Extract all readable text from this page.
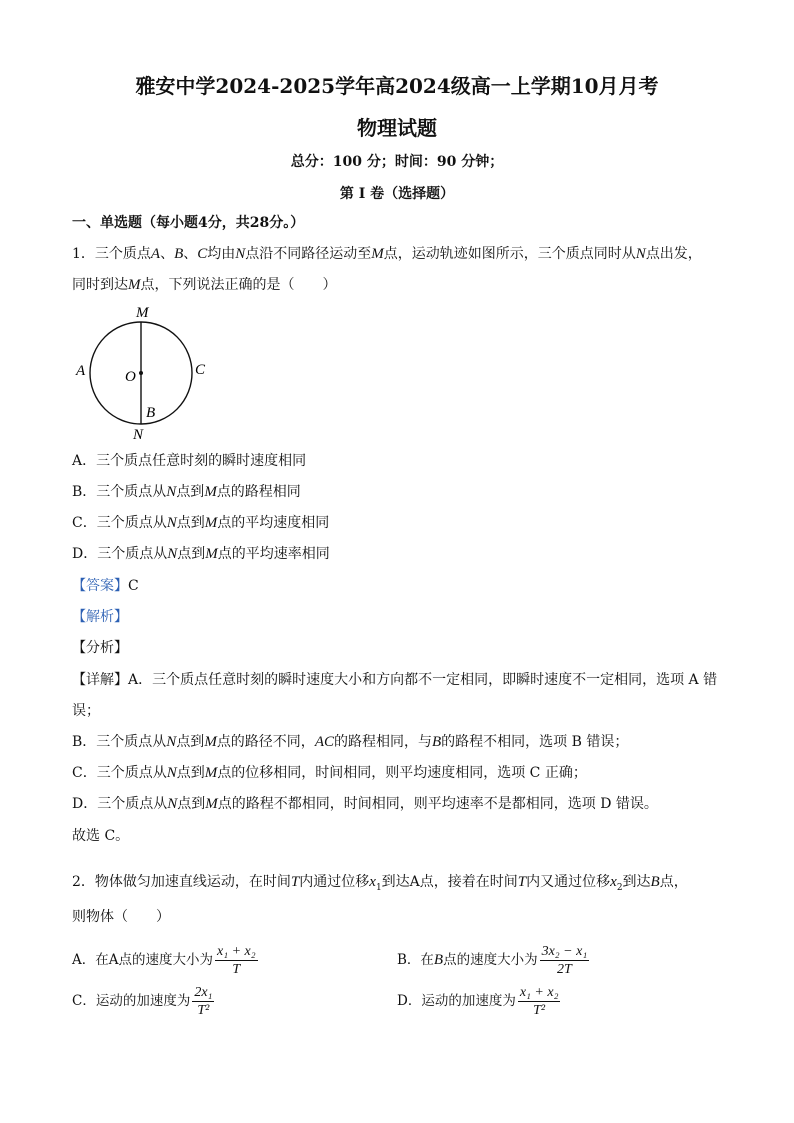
雅安中学2024-2025学年高2024级高一上学期10月月考
物理试题
总分：100 分；时间：90 分钟；
第 I 卷（选择题）
一、单选题（每小题4分，共28分。）
1．三个质点A、B、C均由N点沿不同路径运动至M点，运动轨迹如图所示，三个质点同时从N点出发，
同时到达M点，下列说法正确的是（　　）
M
A	O	C
B
N
A．三个质点任意时刻的瞬时速度相同
B．三个质点从N点到M点的路程相同
C．三个质点从N点到M点的平均速度相同
D．三个质点从N点到M点的平均速率相同
【答案】C
【解析】
【分析】
【详解】A．三个质点任意时刻的瞬时速度大小和方向都不一定相同，即瞬时速度不一定相同，选项 A 错
误；
B．三个质点从N点到M点的路径不同，AC的路程相同，与B的路程不相同，选项 B 错误；
C．三个质点从N点到M点的位移相同，时间相同，则平均速度相同，选项 C 正确；
D．三个质点从N点到M点的路程不都相同，时间相同，则平均速率不是都相同，选项 D 错误。
故选 C。
2．物体做匀加速直线运动，在时间T内通过位移$x_1$到达A点，接着在时间T内又通过位移$x_2$到达B点，
则物体（　　）
A．在A点的速度大小为 $\frac{\text{x₁ + x₂}}{T}$	B．在B点的速度大小为 $\frac{\text{3x₂ − x₁}}{2T}$
C．运动的加速度为 $\frac{\text{2x₁}}{\text{T²}}$	D．运动的加速度为 $\frac{\text{x₁ + x₂}}{\text{T²}}$
